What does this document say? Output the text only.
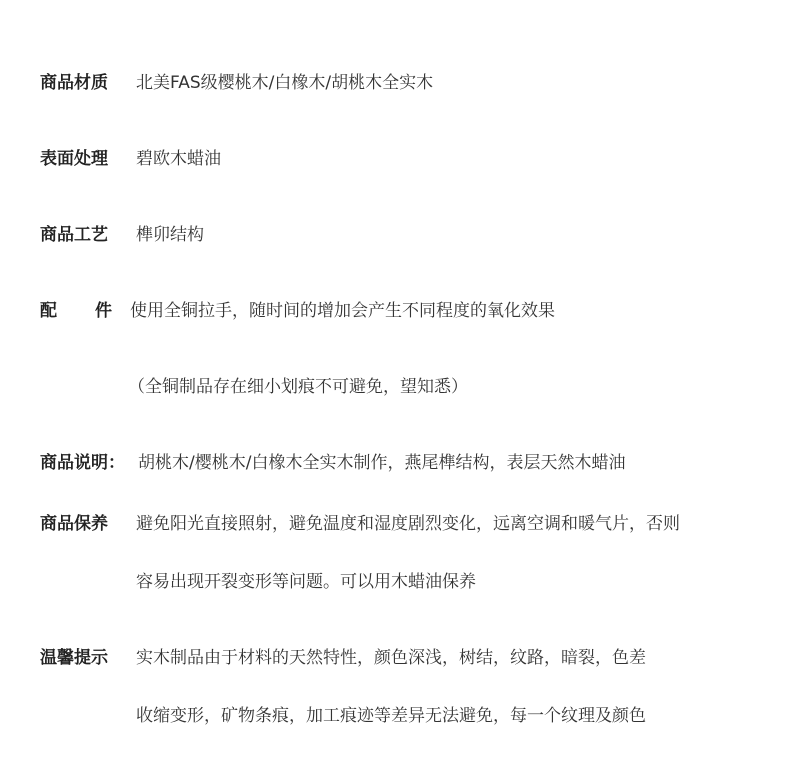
商品材质 北美FAS级樱桃木/白橡木/胡桃木全实木
表面处理 碧欧木蜡油
商品工艺 榫卯结构
配 件 使用全铜拉手，随时间的增加会产生不同程度的氧化效果
（全铜制品存在细小划痕不可避免，望知悉）
商品说明： 胡桃木/樱桃木/白橡木全实木制作，燕尾榫结构，表层天然木蜡油
商品保养 避免阳光直接照射，避免温度和湿度剧烈变化，远离空调和暖气片，否则
容易出现开裂变形等问题。可以用木蜡油保养
温馨提示 实木制品由于材料的天然特性，颜色深浅，树结，纹路，暗裂，色差
收缩变形，矿物条痕，加工痕迹等差异无法避免，每一个纹理及颜色
